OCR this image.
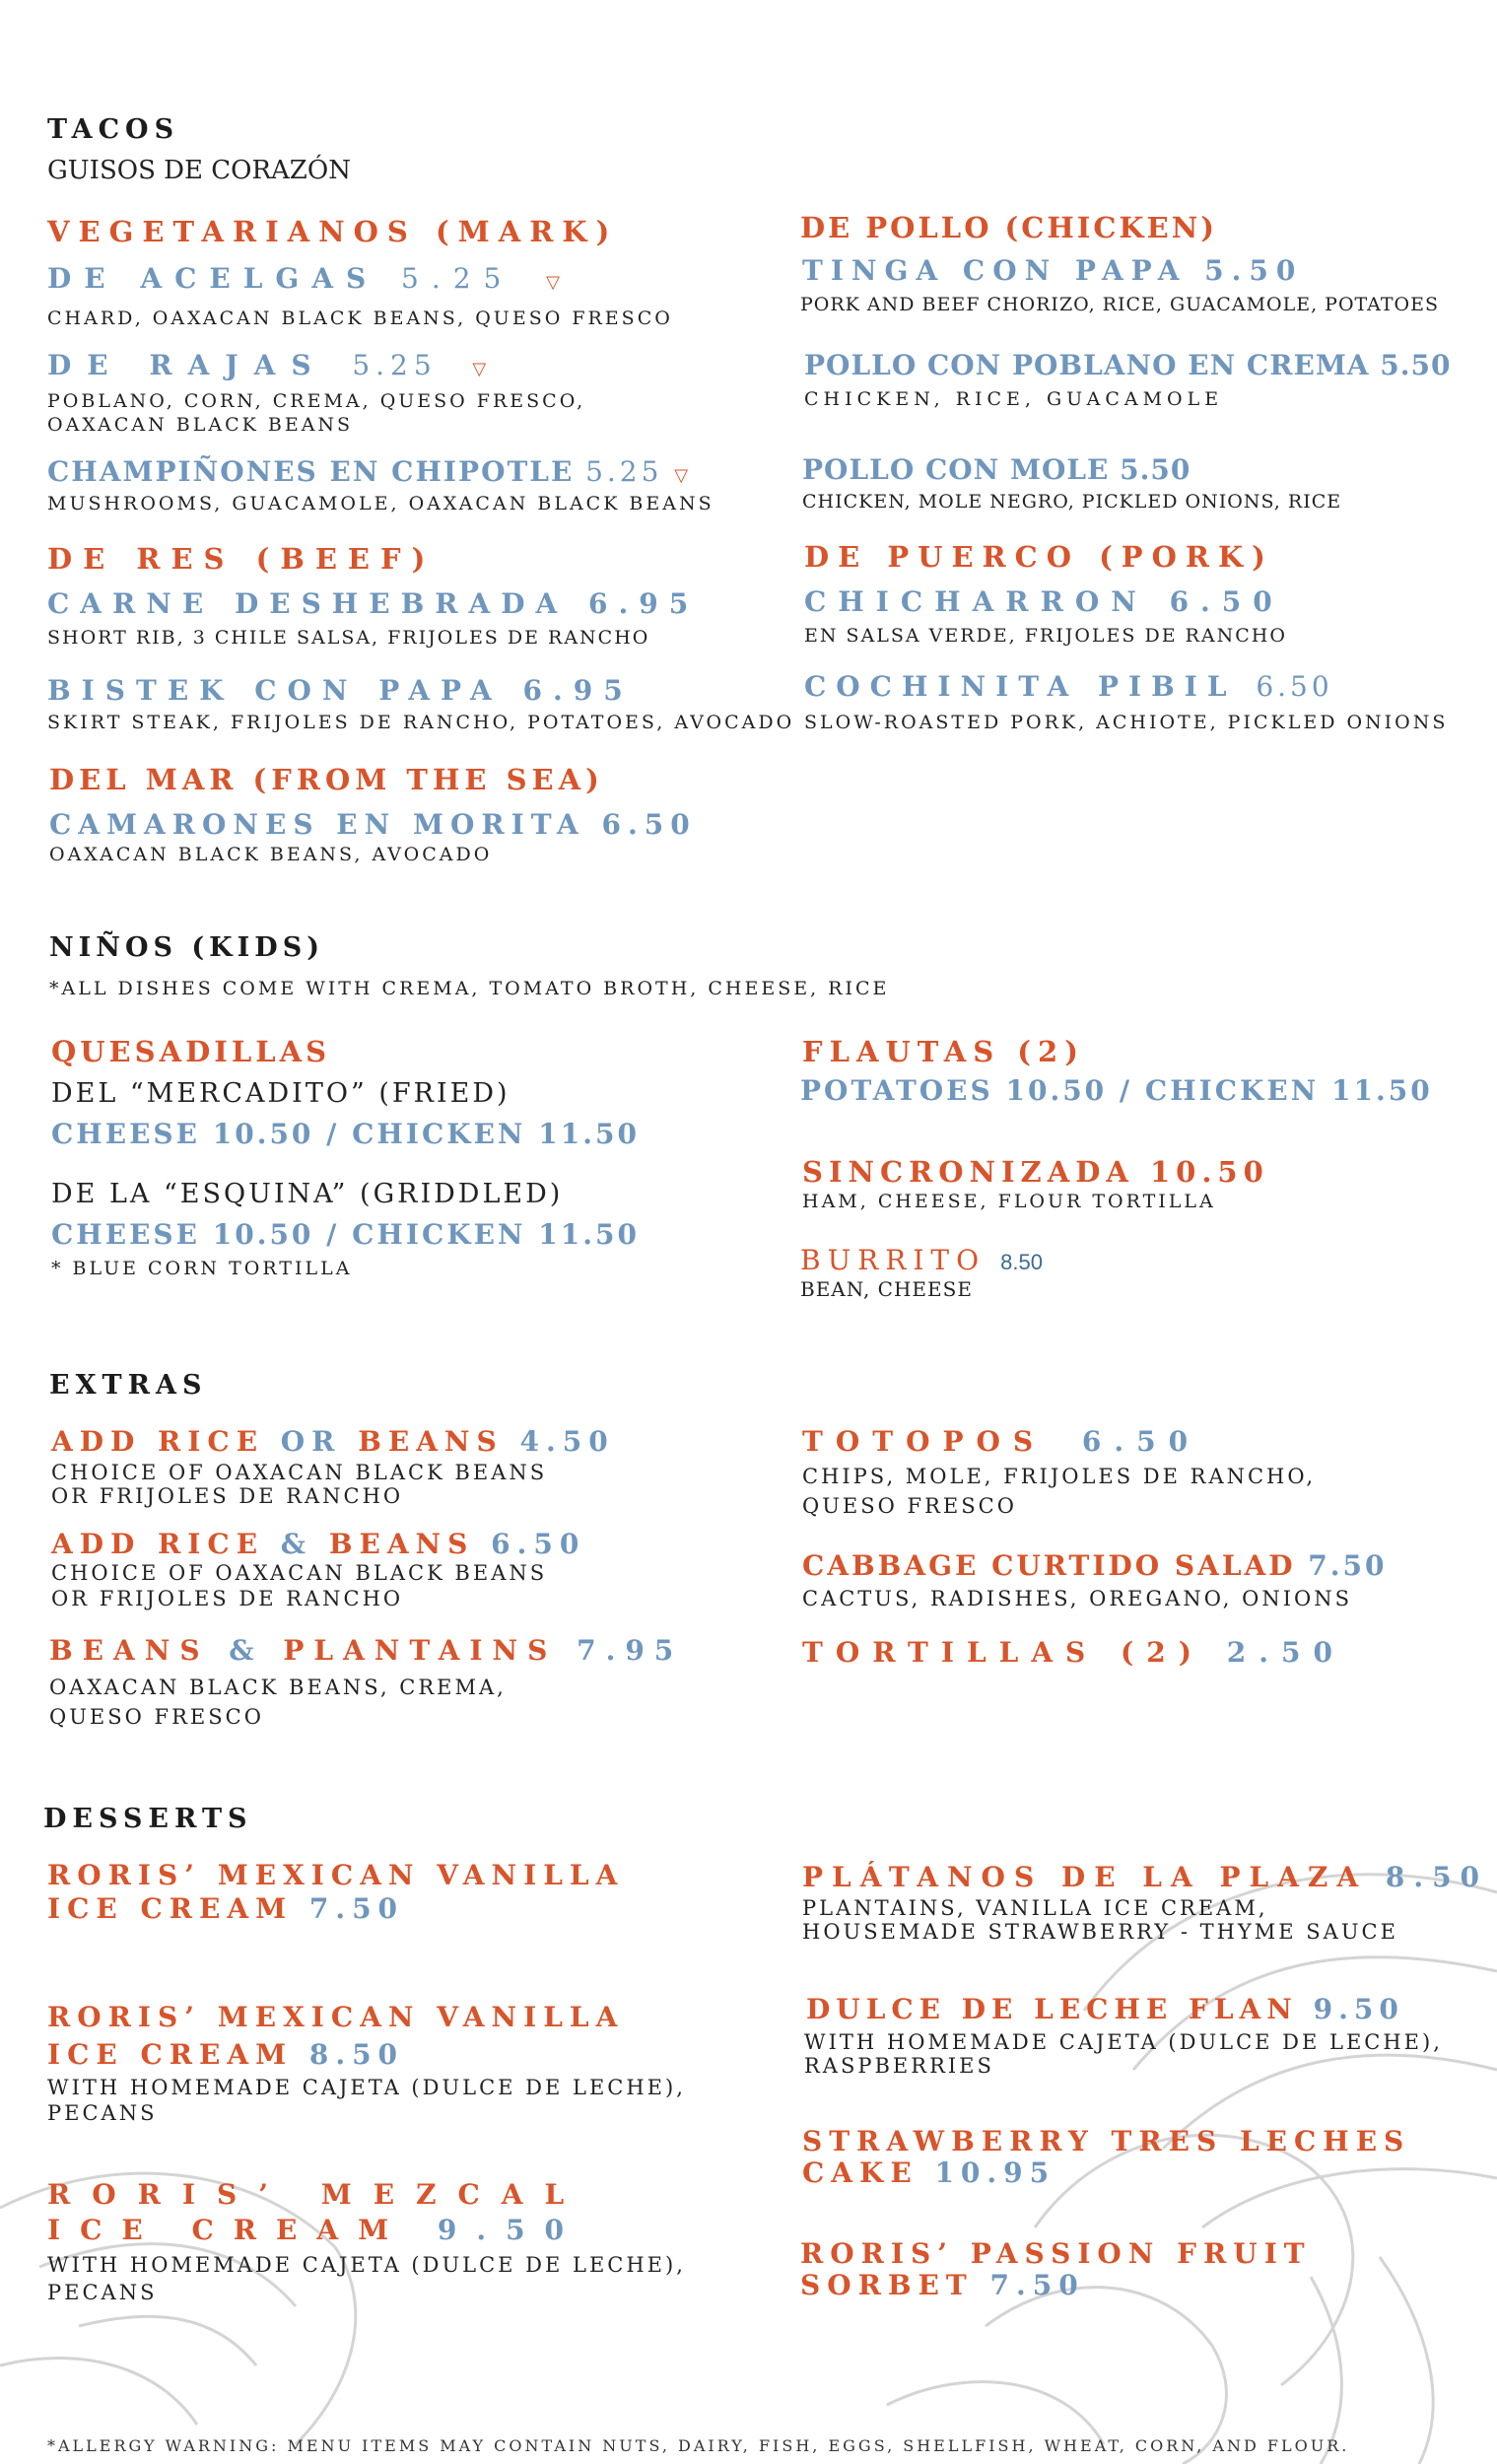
TACOS
GUISOS DE CORAZÓN
VEGETARIANOS (MARK)
DE ACELGAS 5.25 ▽
CHARD, OAXACAN BLACK BEANS, QUESO FRESCO
DE RAJAS 5.25 ▽
POBLANO, CORN, CREMA, QUESO FRESCO,
OAXACAN BLACK BEANS
CHAMPIÑONES EN CHIPOTLE 5.25 ▽
MUSHROOMS, GUACAMOLE, OAXACAN BLACK BEANS
DE RES (BEEF)
CARNE DESHEBRADA 6.95
SHORT RIB, 3 CHILE SALSA, FRIJOLES DE RANCHO
BISTEK CON PAPA 6.95
SKIRT STEAK, FRIJOLES DE RANCHO, POTATOES, AVOCADO
DEL MAR (FROM THE SEA)
CAMARONES EN MORITA 6.50
OAXACAN BLACK BEANS, AVOCADO
DE POLLO (CHICKEN)
TINGA CON PAPA 5.50
PORK AND BEEF CHORIZO, RICE, GUACAMOLE, POTATOES
POLLO CON POBLANO EN CREMA 5.50
CHICKEN, RICE, GUACAMOLE
POLLO CON MOLE 5.50
CHICKEN, MOLE NEGRO, PICKLED ONIONS, RICE
DE PUERCO (PORK)
CHICHARRON 6.50
EN SALSA VERDE, FRIJOLES DE RANCHO
COCHINITA PIBIL 6.50
SLOW-ROASTED PORK, ACHIOTE, PICKLED ONIONS
NIÑOS (KIDS)
*ALL DISHES COME WITH CREMA, TOMATO BROTH, CHEESE, RICE
QUESADILLAS
DEL “MERCADITO” (FRIED)
CHEESE 10.50 / CHICKEN 11.50
DE LA “ESQUINA” (GRIDDLED)
CHEESE 10.50 / CHICKEN 11.50
* BLUE CORN TORTILLA
FLAUTAS (2)
POTATOES 10.50 / CHICKEN 11.50
SINCRONIZADA 10.50
HAM, CHEESE, FLOUR TORTILLA
BURRITO 8.50
BEAN, CHEESE
EXTRAS
ADD RICE OR BEANS 4.50
CHOICE OF OAXACAN BLACK BEANS
OR FRIJOLES DE RANCHO
ADD RICE & BEANS 6.50
CHOICE OF OAXACAN BLACK BEANS
OR FRIJOLES DE RANCHO
BEANS & PLANTAINS 7.95
OAXACAN BLACK BEANS, CREMA,
QUESO FRESCO
TOTOPOS 6.50
CHIPS, MOLE, FRIJOLES DE RANCHO,
QUESO FRESCO
CABBAGE CURTIDO SALAD 7.50
CACTUS, RADISHES, OREGANO, ONIONS
TORTILLAS (2) 2.50
DESSERTS
RORIS’ MEXICAN VANILLA
ICE CREAM 7.50
RORIS’ MEXICAN VANILLA
ICE CREAM 8.50
WITH HOMEMADE CAJETA (DULCE DE LECHE),
PECANS
RORIS’ MEZCAL
ICE CREAM 9.50
WITH HOMEMADE CAJETA (DULCE DE LECHE),
PECANS
PLÁTANOS DE LA PLAZA 8.50
PLANTAINS, VANILLA ICE CREAM,
HOUSEMADE STRAWBERRY - THYME SAUCE
DULCE DE LECHE FLAN 9.50
WITH HOMEMADE CAJETA (DULCE DE LECHE),
RASPBERRIES
STRAWBERRY TRES LECHES
CAKE 10.95
RORIS’ PASSION FRUIT
SORBET 7.50
*ALLERGY WARNING: MENU ITEMS MAY CONTAIN NUTS, DAIRY, FISH, EGGS, SHELLFISH, WHEAT, CORN, AND FLOUR.
